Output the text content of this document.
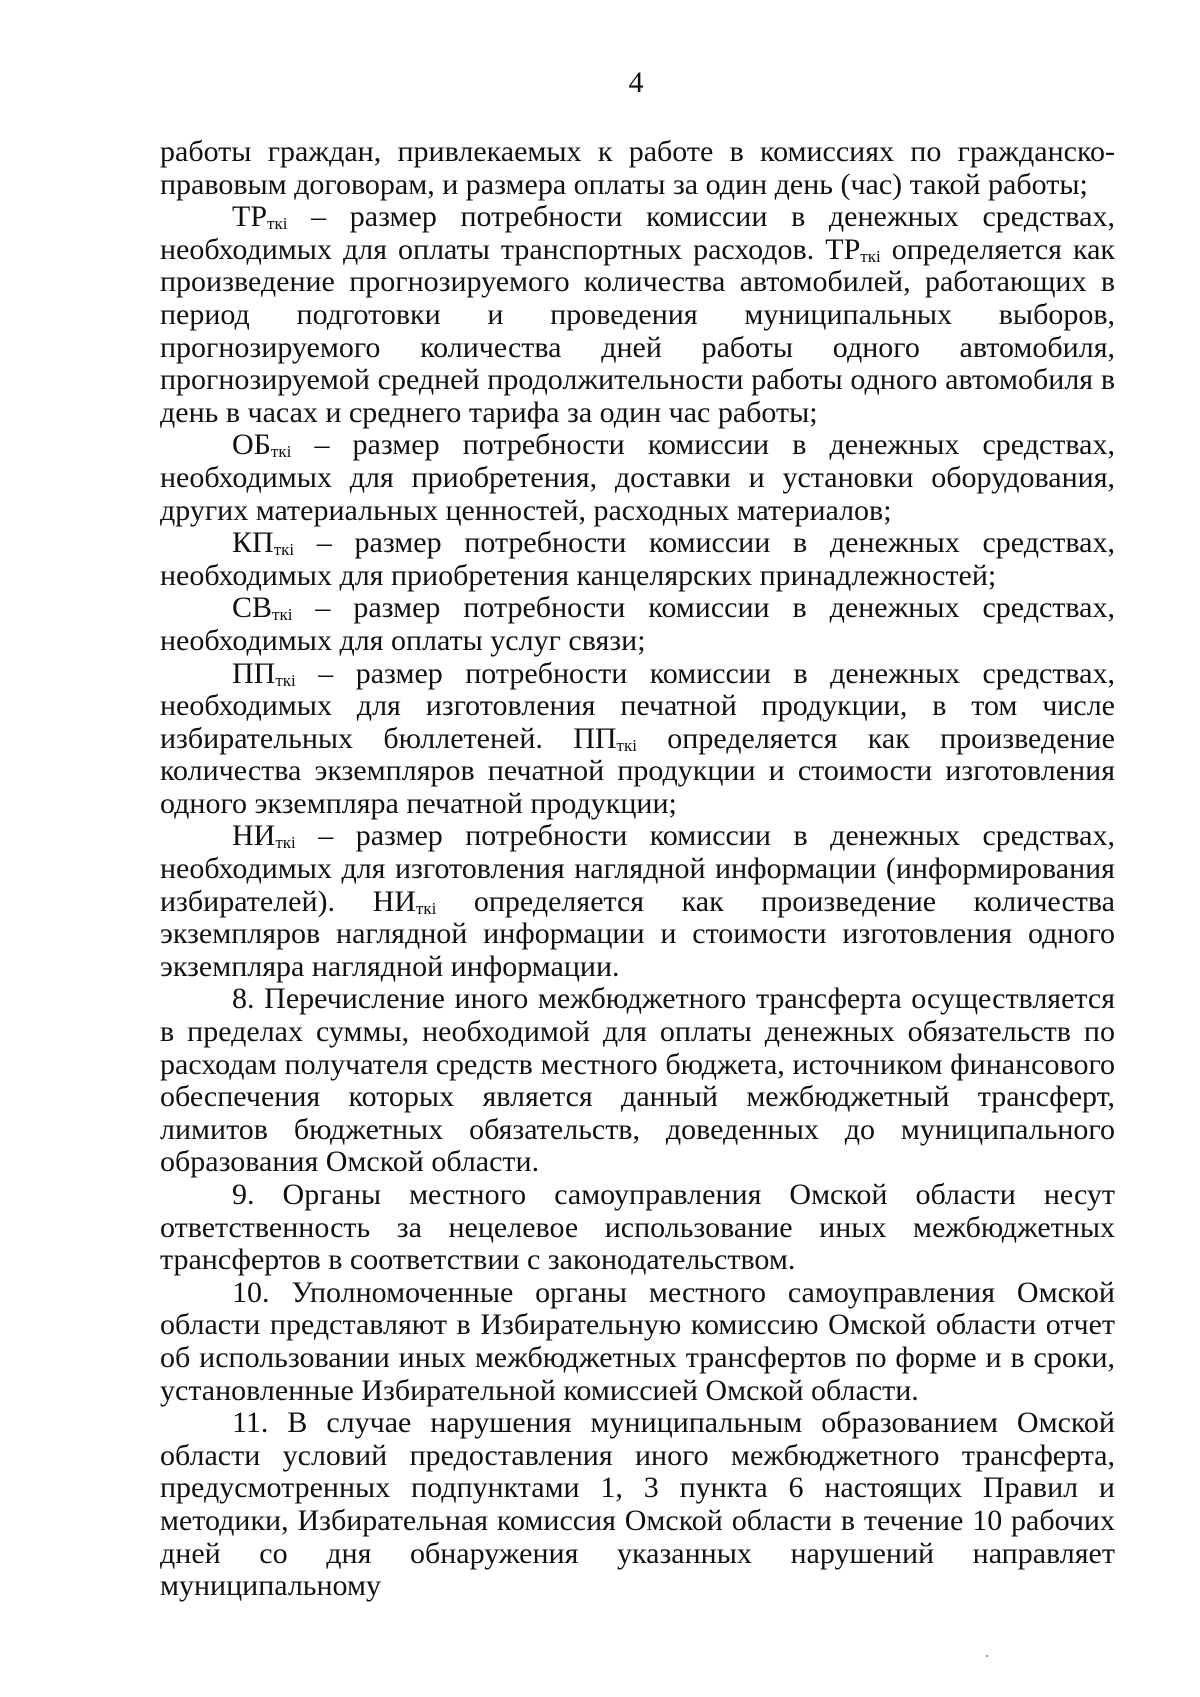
4

работы граждан, привлекаемых к работе в комиссиях по гражданско-правовым договорам, и размера оплаты за один день (час) такой работы;

$ТР_{ткі}$ – размер потребности комиссии в денежных средствах, необходимых для оплаты транспортных расходов. $ТР_{ткі}$ определяется как произведение прогнозируемого количества автомобилей, работающих в период подготовки и проведения муниципальных выборов, прогнозируемого количества дней работы одного автомобиля, прогнозируемой средней продолжительности работы одного автомобиля в день в часах и среднего тарифа за один час работы;

$ОБ_{ткі}$ – размер потребности комиссии в денежных средствах, необходимых для приобретения, доставки и установки оборудования, других материальных ценностей, расходных материалов;

$КП_{ткі}$ – размер потребности комиссии в денежных средствах, необходимых для приобретения канцелярских принадлежностей;

$СВ_{ткі}$ – размер потребности комиссии в денежных средствах, необходимых для оплаты услуг связи;

$ПП_{ткі}$ – размер потребности комиссии в денежных средствах, необходимых для изготовления печатной продукции, в том числе избирательных бюллетеней. $ПП_{ткі}$ определяется как произведение количества экземпляров печатной продукции и стоимости изготовления одного экземпляра печатной продукции;

$НИ_{ткі}$ – размер потребности комиссии в денежных средствах, необходимых для изготовления наглядной информации (информирования избирателей). $НИ_{ткі}$ определяется как произведение количества экземпляров наглядной информации и стоимости изготовления одного экземпляра наглядной информации.

8. Перечисление иного межбюджетного трансферта осуществляется в пределах суммы, необходимой для оплаты денежных обязательств по расходам получателя средств местного бюджета, источником финансового обеспечения которых является данный межбюджетный трансферт, лимитов бюджетных обязательств, доведенных до муниципального образования Омской области.

9. Органы местного самоуправления Омской области несут ответственность за нецелевое использование иных межбюджетных трансфертов в соответствии с законодательством.

10. Уполномоченные органы местного самоуправления Омской области представляют в Избирательную комиссию Омской области отчет об использовании иных межбюджетных трансфертов по форме и в сроки, установленные Избирательной комиссией Омской области.

11. В случае нарушения муниципальным образованием Омской области условий предоставления иного межбюджетного трансферта, предусмотренных подпунктами 1, 3 пункта 6 настоящих Правил и методики, Избирательная комиссия Омской области в течение 10 рабочих дней со дня обнаружения указанных нарушений направляет муниципальному
